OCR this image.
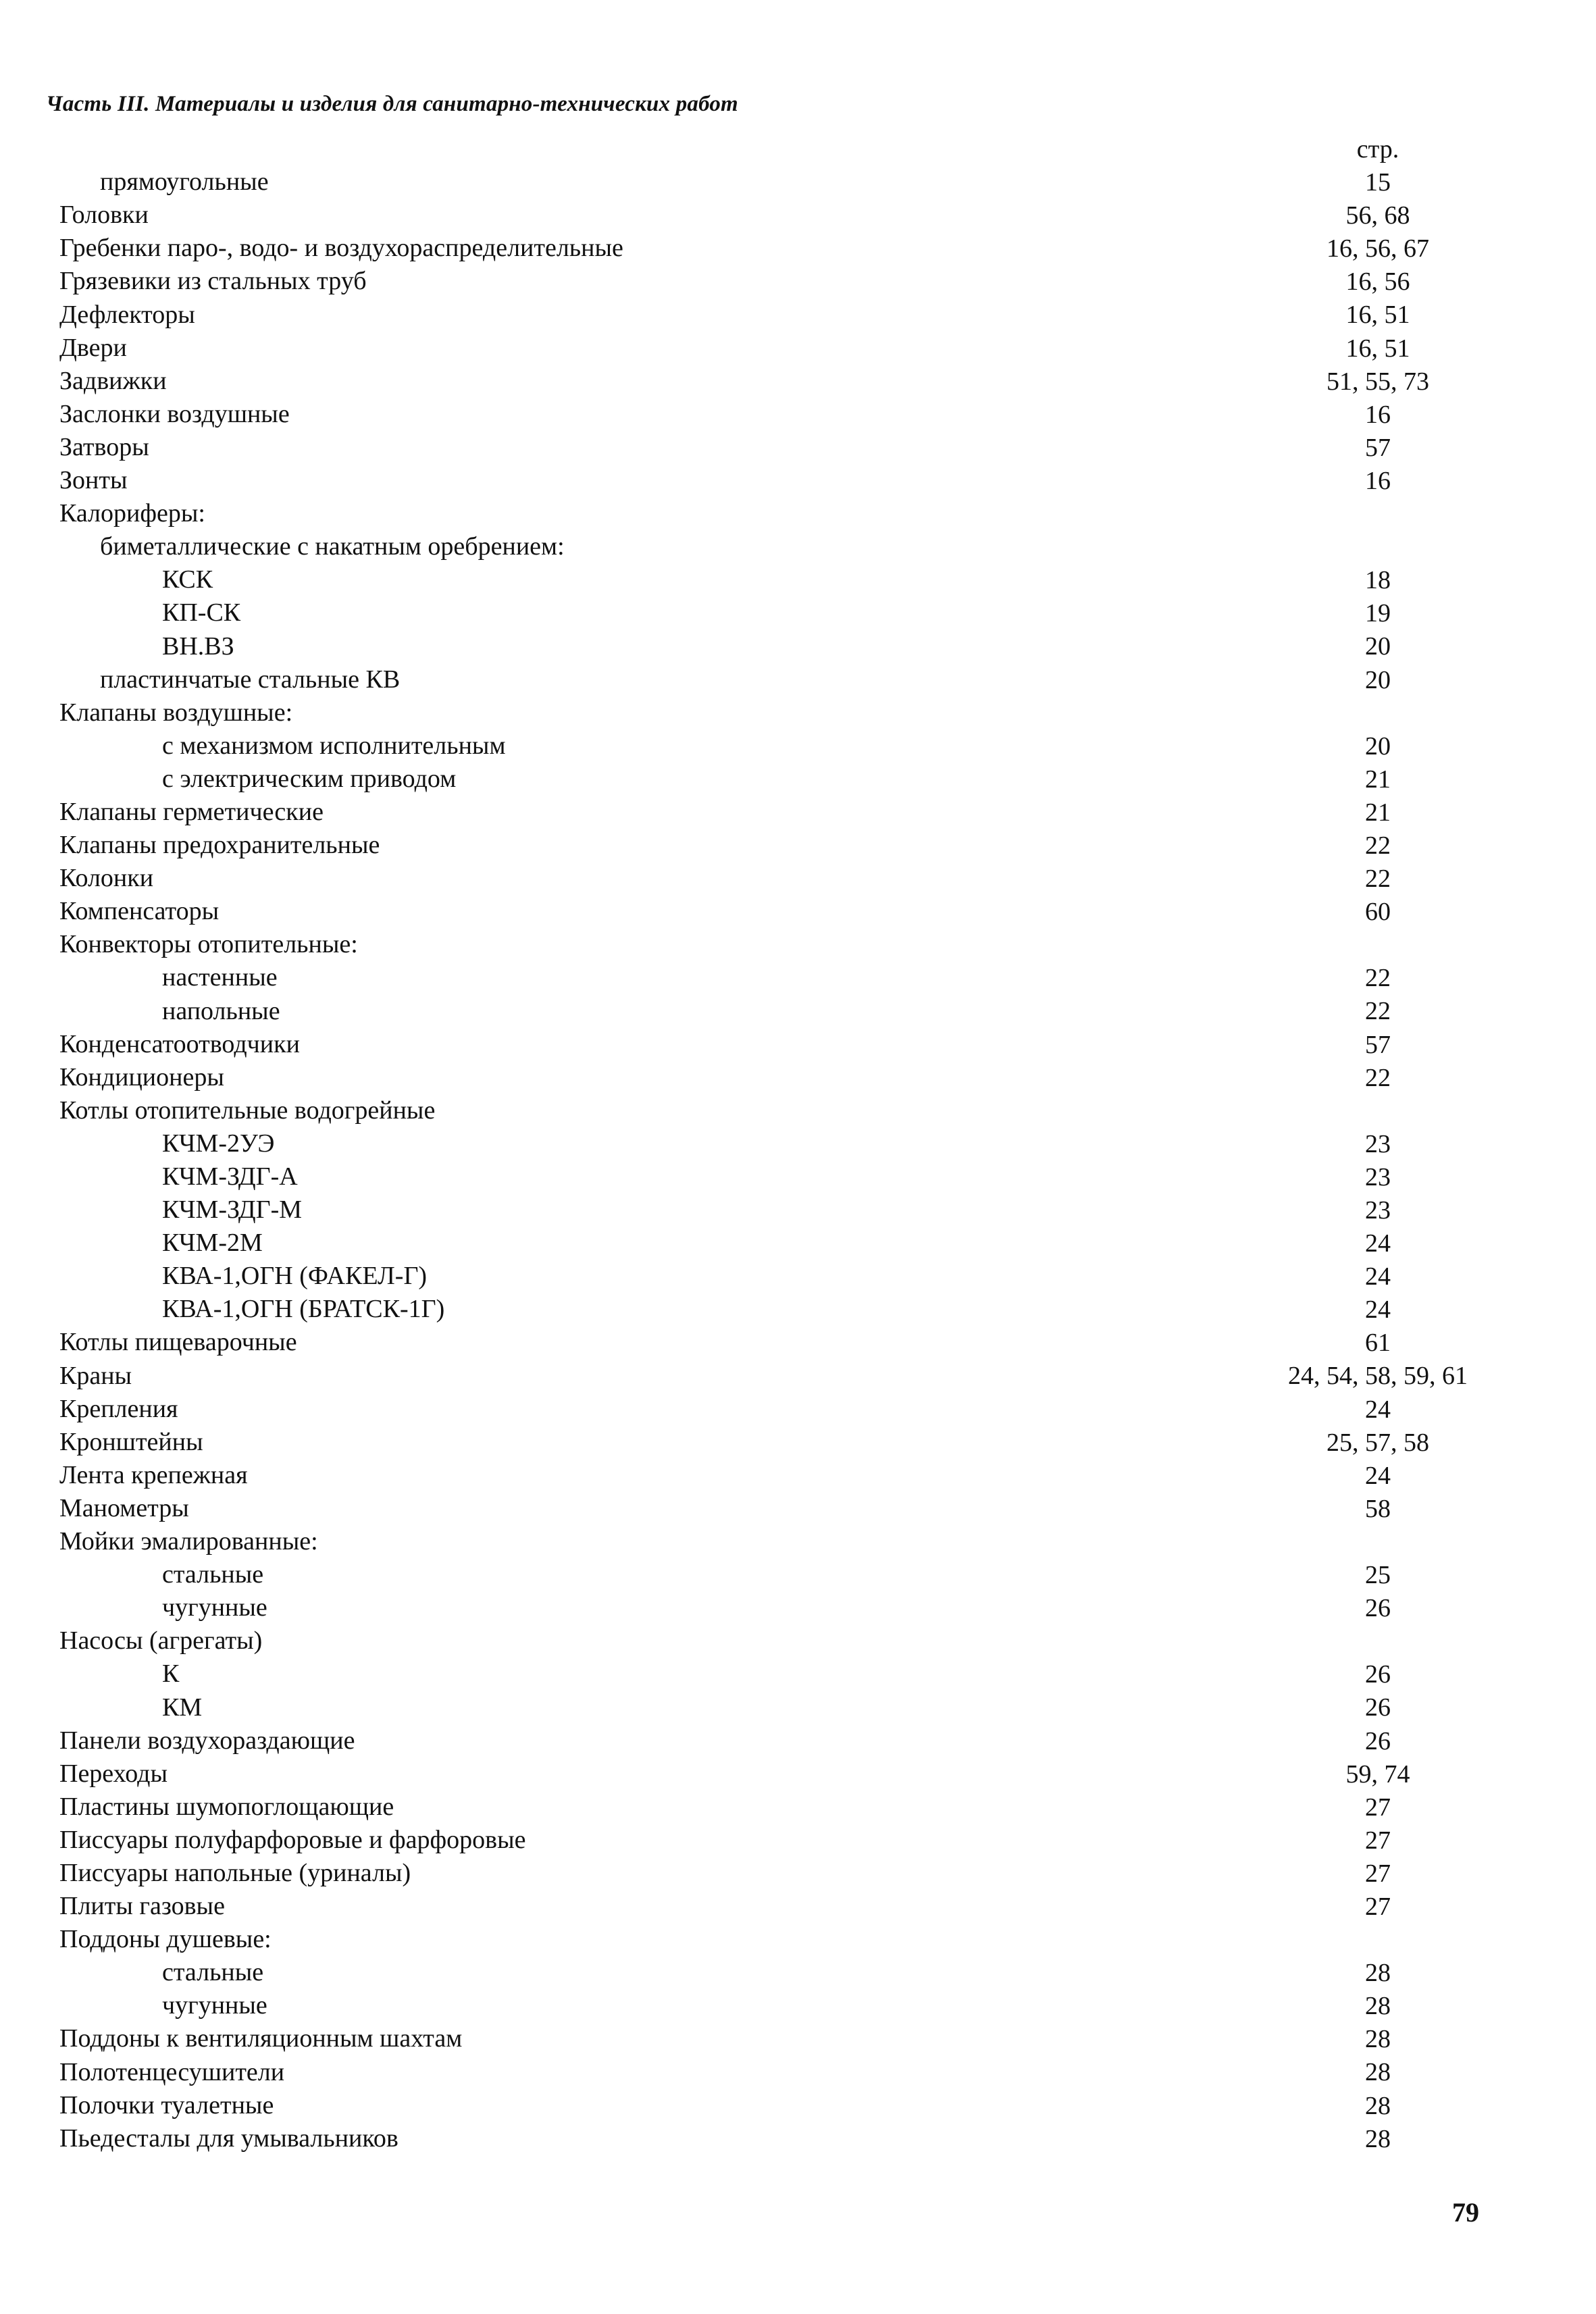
Часть III. Материалы и изделия для санитарно-технических работ
стр.
прямоугольные	15
Головки	56, 68
Гребенки паро-, водо- и воздухораспределительные	16, 56, 67
Грязевики из стальных труб	16, 56
Дефлекторы	16, 51
Двери	16, 51
Задвижки	51, 55, 73
Заслонки воздушные	16
Затворы	57
Зонты	16
Калориферы:
биметаллические с накатным оребрением:
КСК	18
КП-СК	19
ВН.ВЗ	20
пластинчатые стальные КВ	20
Клапаны воздушные:
с механизмом исполнительным	20
с электрическим приводом	21
Клапаны герметические	21
Клапаны предохранительные	22
Колонки	22
Компенсаторы	60
Конвекторы отопительные:
настенные	22
напольные	22
Конденсатоотводчики	57
Кондиционеры	22
Котлы отопительные водогрейные
КЧМ-2УЭ	23
КЧМ-ЗДГ-А	23
КЧМ-ЗДГ-М	23
КЧМ-2М	24
КВА-1,ОГН (ФАКЕЛ-Г)	24
КВА-1,ОГН (БРАТСК-1Г)	24
Котлы пищеварочные	61
Краны	24, 54, 58, 59, 61
Крепления	24
Кронштейны	25, 57, 58
Лента крепежная	24
Манометры	58
Мойки эмалированные:
стальные	25
чугунные	26
Насосы (агрегаты)
К	26
КМ	26
Панели воздухораздающие	26
Переходы	59, 74
Пластины шумопоглощающие	27
Писсуары полуфарфоровые и фарфоровые	27
Писсуары напольные (уриналы)	27
Плиты газовые	27
Поддоны душевые:
стальные	28
чугунные	28
Поддоны к вентиляционным шахтам	28
Полотенцесушители	28
Полочки туалетные	28
Пьедесталы для умывальников	28
79
